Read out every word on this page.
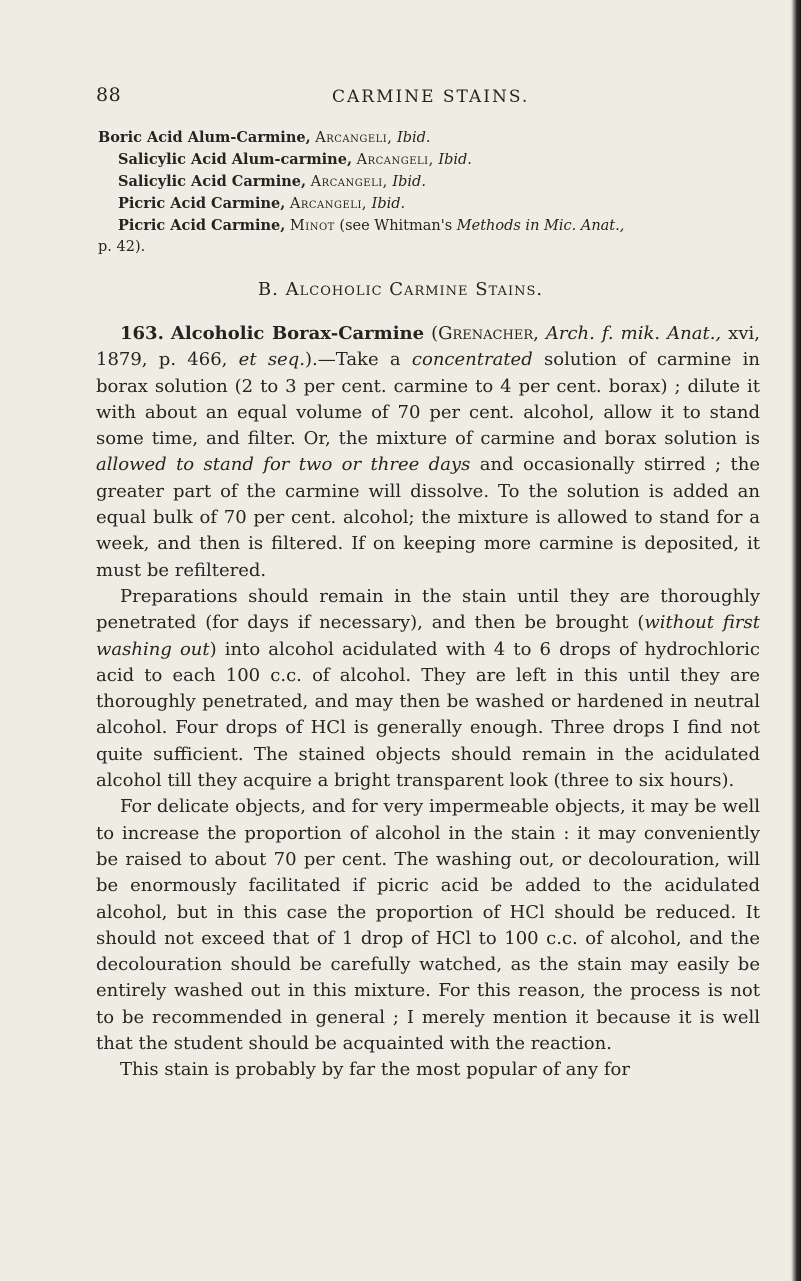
88	CARMINE STAINS.
Boric Acid Alum-Carmine, Arcangeli, Ibid.
Salicylic Acid Alum-carmine, Arcangeli, Ibid.
Salicylic Acid Carmine, Arcangeli, Ibid.
Picric Acid Carmine, Arcangeli, Ibid.
Picric Acid Carmine, Minot (see Whitman's Methods in Mic. Anat.,
p. 42).
B. Alcoholic Carmine Stains.

163. Alcoholic Borax-Carmine (Grenacher, Arch. f. mik. Anat., xvi, 1879, p. 466, et seq.).—Take a concentrated solution of carmine in borax solution (2 to 3 per cent. carmine to 4 per cent. borax) ; dilute it with about an equal volume of 70 per cent. alcohol, allow it to stand some time, and filter. Or, the mixture of carmine and borax solution is allowed to stand for two or three days and occasionally stirred ; the greater part of the carmine will dissolve. To the solution is added an equal bulk of 70 per cent. alcohol; the mixture is allowed to stand for a week, and then is filtered. If on keeping more carmine is deposited, it must be refiltered.

Preparations should remain in the stain until they are thoroughly penetrated (for days if necessary), and then be brought (without first washing out) into alcohol acidulated with 4 to 6 drops of hydrochloric acid to each 100 c.c. of alcohol. They are left in this until they are thoroughly penetrated, and may then be washed or hardened in neutral alcohol. Four drops of HCl is generally enough. Three drops I find not quite sufficient. The stained objects should remain in the acidulated alcohol till they acquire a bright transparent look (three to six hours).

For delicate objects, and for very impermeable objects, it may be well to increase the proportion of alcohol in the stain : it may conveniently be raised to about 70 per cent. The washing out, or decolouration, will be enormously facilitated if picric acid be added to the acidulated alcohol, but in this case the proportion of HCl should be reduced. It should not exceed that of 1 drop of HCl to 100 c.c. of alcohol, and the decolouration should be carefully watched, as the stain may easily be entirely washed out in this mixture. For this reason, the process is not to be recommended in general ; I merely mention it because it is well that the student should be acquainted with the reaction.

This stain is probably by far the most popular of any for
